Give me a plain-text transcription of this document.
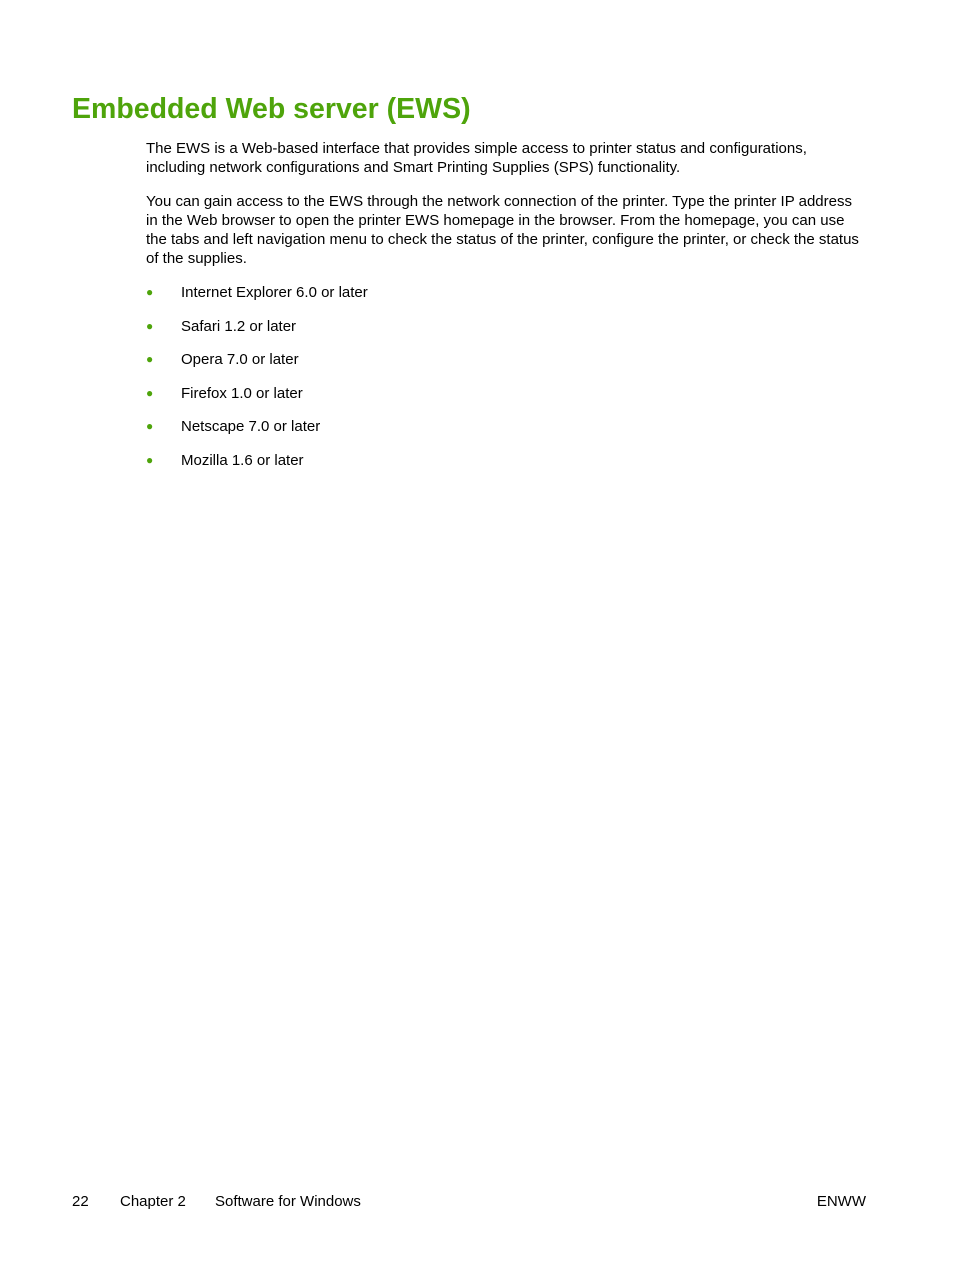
Embedded Web server (EWS)

The EWS is a Web-based interface that provides simple access to printer status and configurations, including network configurations and Smart Printing Supplies (SPS) functionality.

You can gain access to the EWS through the network connection of the printer. Type the printer IP address in the Web browser to open the printer EWS homepage in the browser. From the homepage, you can use the tabs and left navigation menu to check the status of the printer, configure the printer, or check the status of the supplies.

● Internet Explorer 6.0 or later
● Safari 1.2 or later
● Opera 7.0 or later
● Firefox 1.0 or later
● Netscape 7.0 or later
● Mozilla 1.6 or later
22 Chapter 2 Software for Windows	ENWW
